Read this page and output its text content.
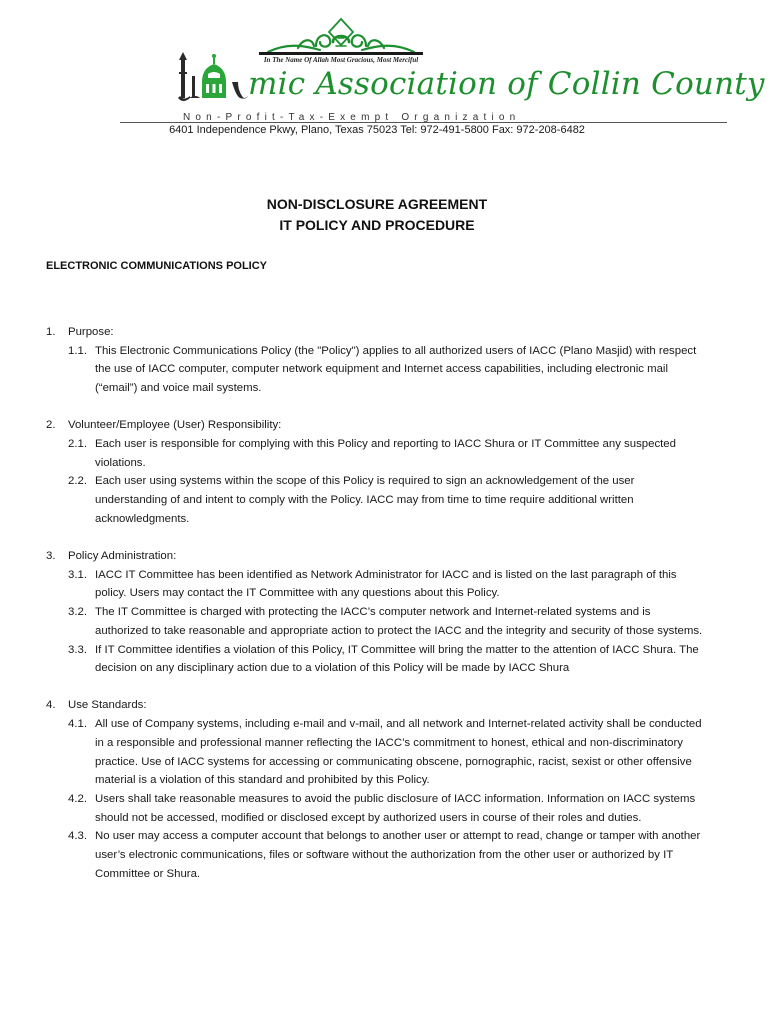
In The Name Of Allah Most Gracious, Most Merciful
mic Association of Collin County
Non-Profit-Tax-Exempt Organization
6401 Independence Pkwy, Plano, Texas 75023 Tel: 972-491-5800 Fax: 972-208-6482
NON-DISCLOSURE AGREEMENT
IT POLICY AND PROCEDURE
ELECTRONIC COMMUNICATIONS POLICY
1.	Purpose:
1.1. This Electronic Communications Policy (the "Policy") applies to all authorized users of IACC (Plano Masjid) with respect the use of IACC computer, computer network equipment and Internet access capabilities, including electronic mail (“email”) and voice mail systems.
2.	Volunteer/Employee (User) Responsibility:
2.1. Each user is responsible for complying with this Policy and reporting to IACC Shura or IT Committee any suspected violations.
2.2. Each user using systems within the scope of this Policy is required to sign an acknowledgement of the user understanding of and intent to comply with the Policy. IACC may from time to time require additional written acknowledgments.
3.	Policy Administration:
3.1. IACC IT Committee has been identified as Network Administrator for IACC and is listed on the last paragraph of this policy. Users may contact the IT Committee with any questions about this Policy.
3.2. The IT Committee is charged with protecting the IACC’s computer network and Internet-related systems and is authorized to take reasonable and appropriate action to protect the IACC and the integrity and security of those systems.
3.3. If IT Committee identifies a violation of this Policy, IT Committee will bring the matter to the attention of IACC Shura. The decision on any disciplinary action due to a violation of this Policy will be made by IACC Shura
4.	Use Standards:
4.1. All use of Company systems, including e-mail and v-mail, and all network and Internet-related activity shall be conducted in a responsible and professional manner reflecting the IACC’s commitment to honest, ethical and non-discriminatory practice. Use of IACC systems for accessing or communicating obscene, pornographic, racist, sexist or other offensive material is a violation of this standard and prohibited by this Policy.
4.2. Users shall take reasonable measures to avoid the public disclosure of IACC information. Information on IACC systems should not be accessed, modified or disclosed except by authorized users in course of their roles and duties.
4.3. No user may access a computer account that belongs to another user or attempt to read, change or tamper with another user’s electronic communications, files or software without the authorization from the other user or authorized by IT Committee or Shura.
